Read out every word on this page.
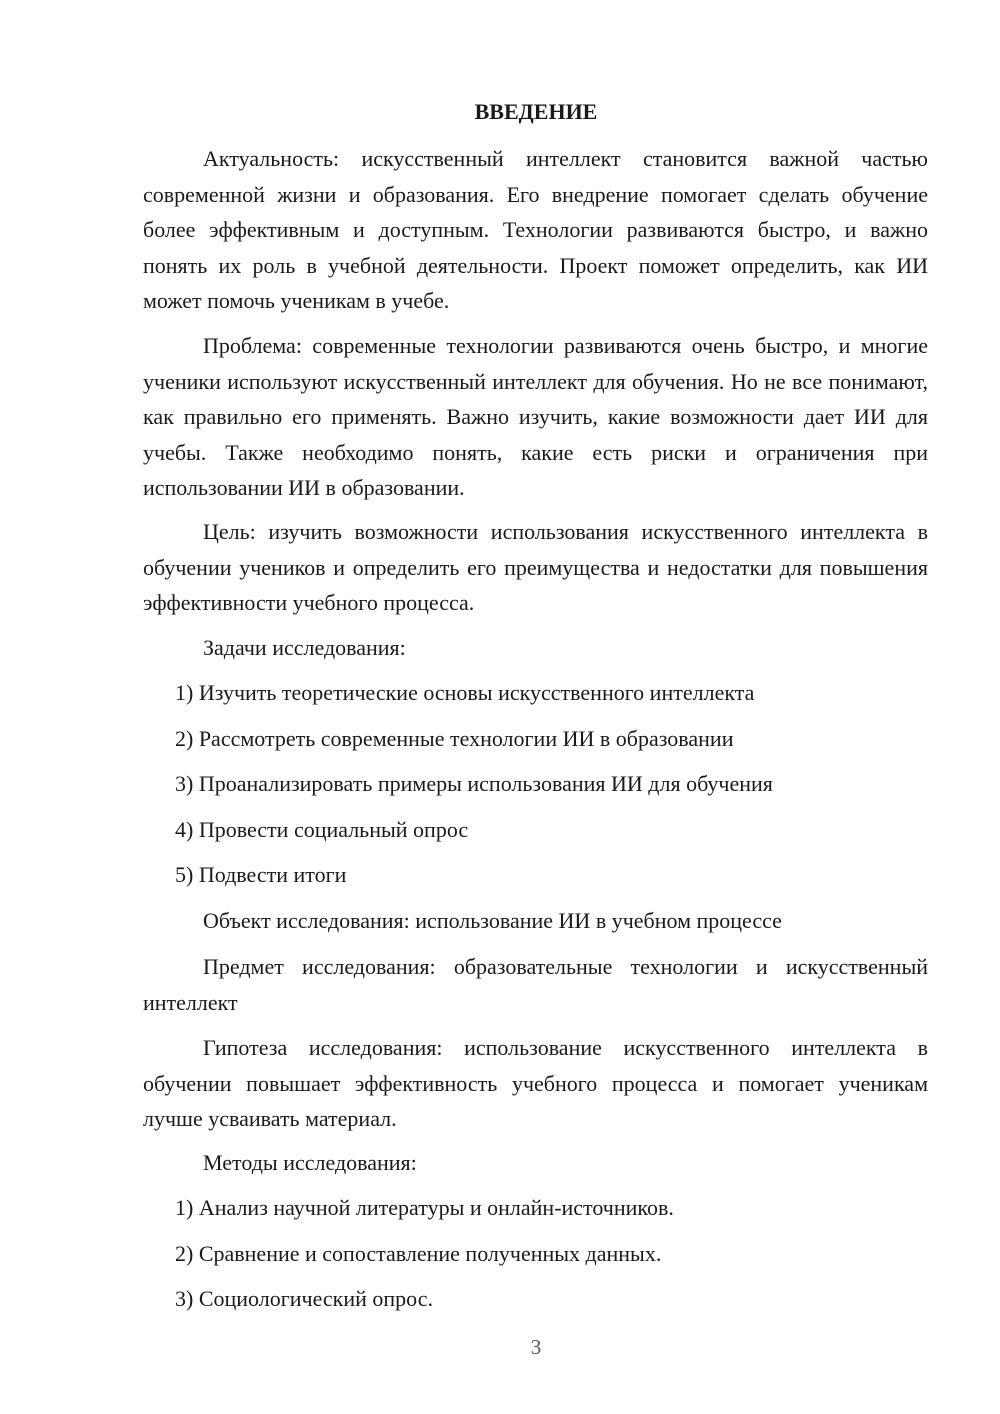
ВВЕДЕНИЕ

Актуальность: искусственный интеллект становится важной частью современной жизни и образования. Его внедрение помогает сделать обучение более эффективным и доступным. Технологии развиваются быстро, и важно понять их роль в учебной деятельности. Проект поможет определить, как ИИ может помочь ученикам в учебе.

Проблема: современные технологии развиваются очень быстро, и многие ученики используют искусственный интеллект для обучения. Но не все понимают, как правильно его применять. Важно изучить, какие возможности дает ИИ для учебы. Также необходимо понять, какие есть риски и ограничения при использовании ИИ в образовании.

Цель: изучить возможности использования искусственного интеллекта в обучении учеников и определить его преимущества и недостатки для повышения эффективности учебного процесса.

Задачи исследования:

1) Изучить теоретические основы искусственного интеллекта

2) Рассмотреть современные технологии ИИ в образовании

3) Проанализировать примеры использования ИИ для обучения

4) Провести социальный опрос

5) Подвести итоги

Объект исследования: использование ИИ в учебном процессе

Предмет исследования: образовательные технологии и искусственный интеллект

Гипотеза исследования: использование искусственного интеллекта в обучении повышает эффективность учебного процесса и помогает ученикам лучше усваивать материал.

Методы исследования:

1) Анализ научной литературы и онлайн-источников.

2) Сравнение и сопоставление полученных данных.

3) Социологический опрос.

3
